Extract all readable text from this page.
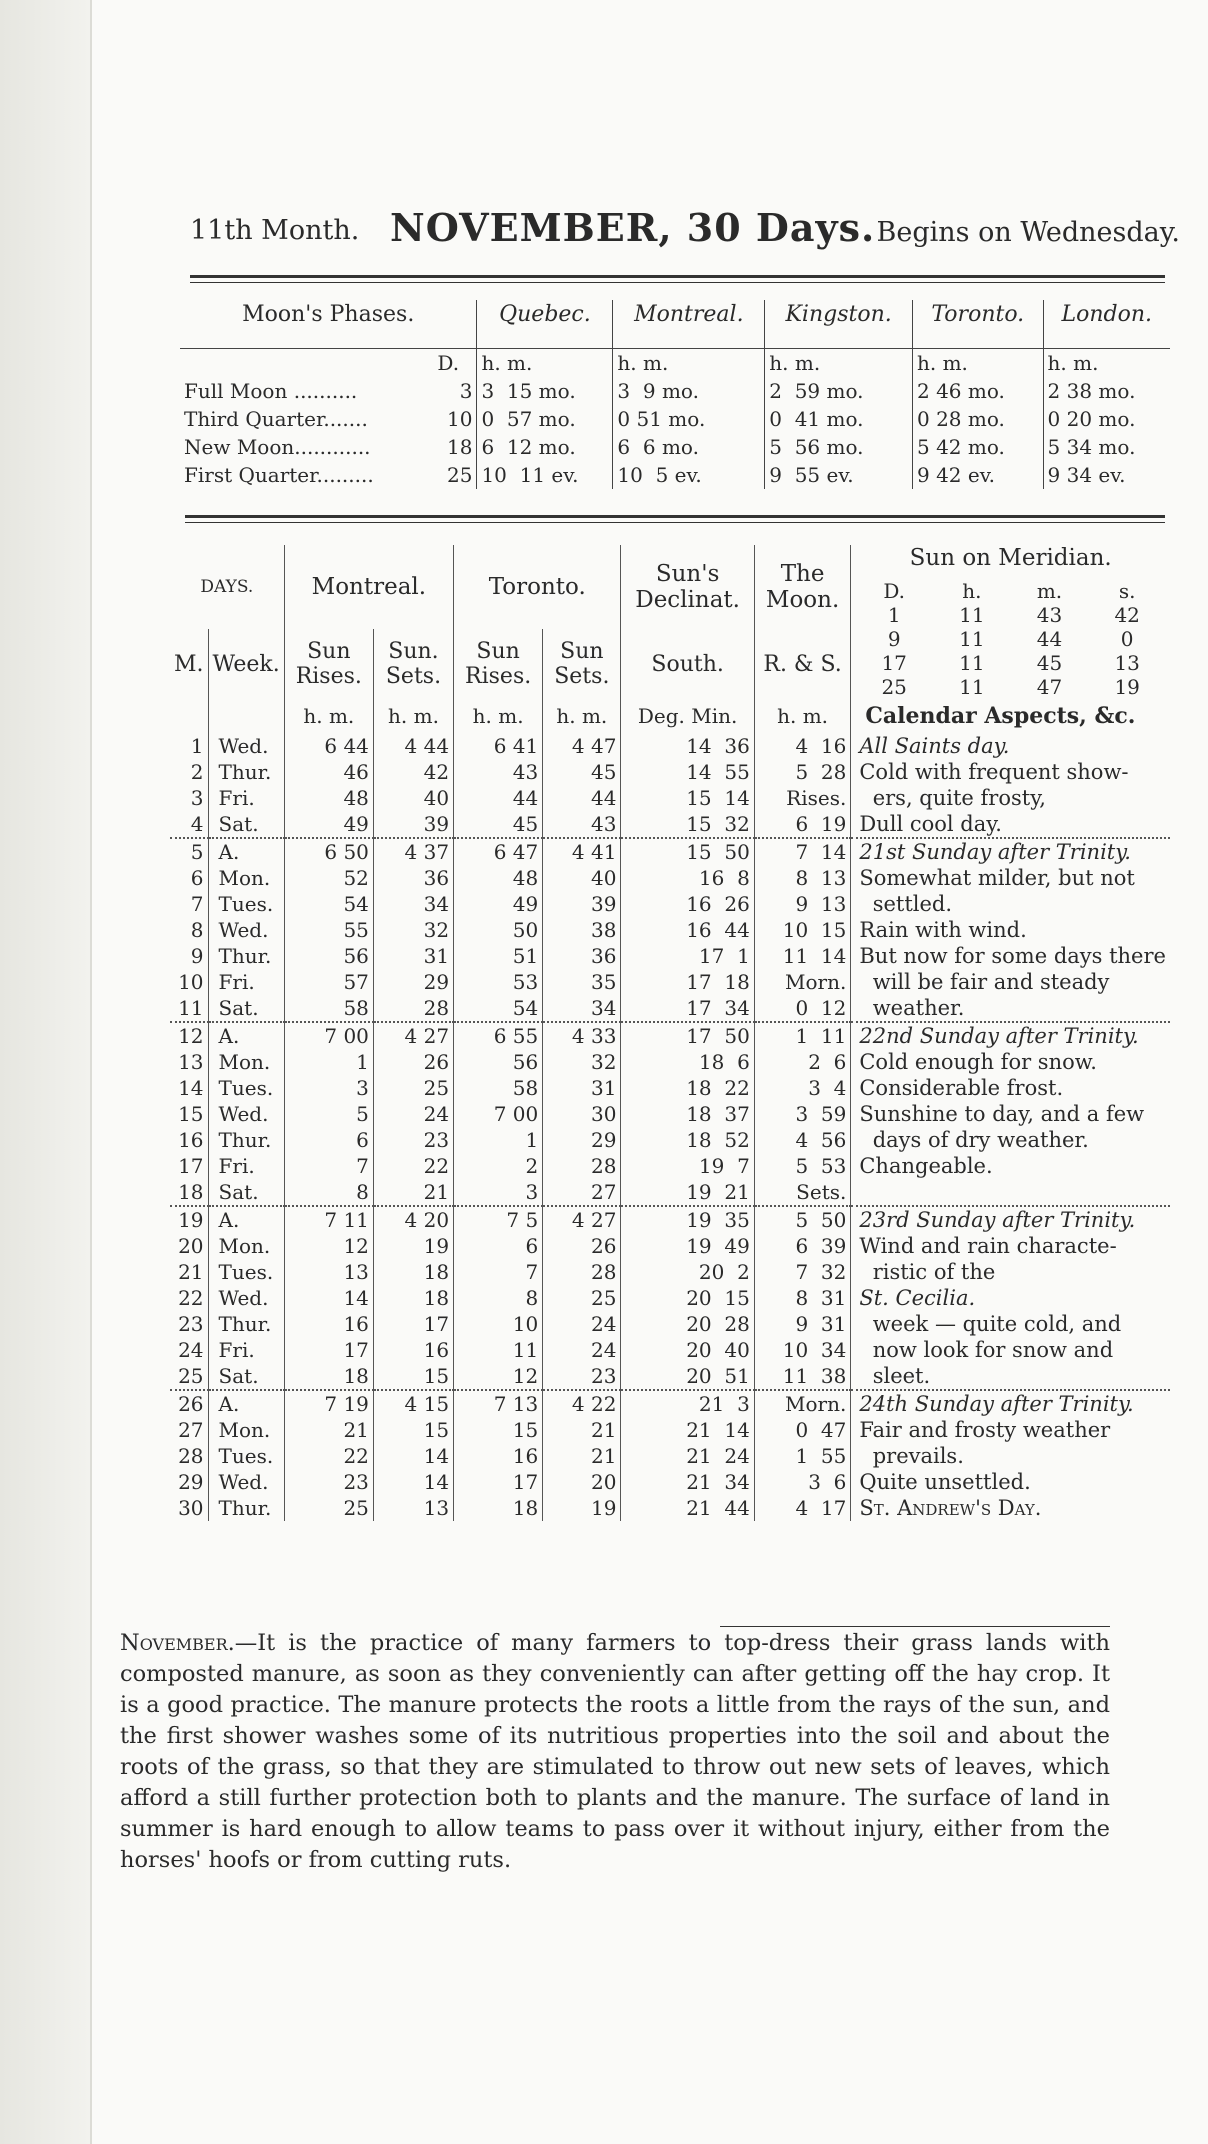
11th Month. NOVEMBER, 30 Days. Begins on Wednesday.
Moon's Phases.		Quebec.	Montreal.	Kingston.	Toronto.	London.
	D.	h. m.	h. m.	h. m.	h. m.	h. m.
Full Moon ..........	3	3  15 mo.	3  9 mo.	2  59 mo.	2 46 mo.	2 38 mo.
Third Quarter.......	10	0  57 mo.	0 51 mo.	0  41 mo.	0 28 mo.	0 20 mo.
New Moon............	18	6  12 mo.	6  6 mo.	5  56 mo.	5 42 mo.	5 34 mo.
First Quarter.........	25	10  11 ev.	10  5 ev.	9  55 ev.	9 42 ev.	9 34 ev.
DAYS.	Montreal.	Toronto.	Sun's Declinat.	The Moon.	
Sun on Meridian.
D.	h.	m.	s.
1	11	43	42
9	11	44	0
17	11	45	13
25	11	47	19

M.	Week.	Sun Rises.	Sun. Sets.	Sun Rises.	Sun Sets.	South.	R. & S.
		h. m.	h. m.	h. m.	h. m.	Deg. Min.	h. m.	Calendar Aspects, &c.
1	Wed.	6 44	4 44	6 41	4 47	14  36	4  16	All Saints day.
2	Thur.	46	42	43	45	14  55	5  28	Cold with frequent show-
3	Fri.	48	40	44	44	15  14	Rises.	ers, quite frosty,
4	Sat.	49	39	45	43	15  32	6  19	Dull cool day.
5	A.	6 50	4 37	6 47	4 41	15  50	7  14	21st Sunday after Trinity.
6	Mon.	52	36	48	40	16  8	8  13	Somewhat milder, but not
7	Tues.	54	34	49	39	16  26	9  13	settled.
8	Wed.	55	32	50	38	16  44	10  15	Rain with wind.
9	Thur.	56	31	51	36	17  1	11  14	But now for some days there
10	Fri.	57	29	53	35	17  18	Morn.	will be fair and steady
11	Sat.	58	28	54	34	17  34	0  12	weather.
12	A.	7 00	4 27	6 55	4 33	17  50	1  11	22nd Sunday after Trinity.
13	Mon.	1	26	56	32	18  6	2  6	Cold enough for snow.
14	Tues.	3	25	58	31	18  22	3  4	Considerable frost.
15	Wed.	5	24	7 00	30	18  37	3  59	Sunshine to day, and a few
16	Thur.	6	23	1	29	18  52	4  56	days of dry weather.
17	Fri.	7	22	2	28	19  7	5  53	Changeable.
18	Sat.	8	21	3	27	19  21	Sets.	
19	A.	7 11	4 20	7 5	4 27	19  35	5  50	23rd Sunday after Trinity.
20	Mon.	12	19	6	26	19  49	6  39	Wind and rain characte-
21	Tues.	13	18	7	28	20  2	7  32	ristic of the
22	Wed.	14	18	8	25	20  15	8  31	St. Cecilia.
23	Thur.	16	17	10	24	20  28	9  31	week — quite cold, and
24	Fri.	17	16	11	24	20  40	10  34	now look for snow and
25	Sat.	18	15	12	23	20  51	11  38	sleet.
26	A.	7 19	4 15	7 13	4 22	21  3	Morn.	24th Sunday after Trinity.
27	Mon.	21	15	15	21	21  14	0  47	Fair and frosty weather
28	Tues.	22	14	16	21	21  24	1  55	prevails.
29	Wed.	23	14	17	20	21  34	3  6	Quite unsettled.
30	Thur.	25	13	18	19	21  44	4  17	St. Andrew's Day.
November.—It is the practice of many farmers to top-dress their grass lands with composted manure, as soon as they conveniently can after getting off the hay crop. It is a good practice. The manure protects the roots a little from the rays of the sun, and the first shower washes some of its nutritious properties into the soil and about the roots of the grass, so that they are stimulated to throw out new sets of leaves, which afford a still further protection both to plants and the manure. The surface of land in summer is hard enough to allow teams to pass over it without injury, either from the horses' hoofs or from cutting ruts.
